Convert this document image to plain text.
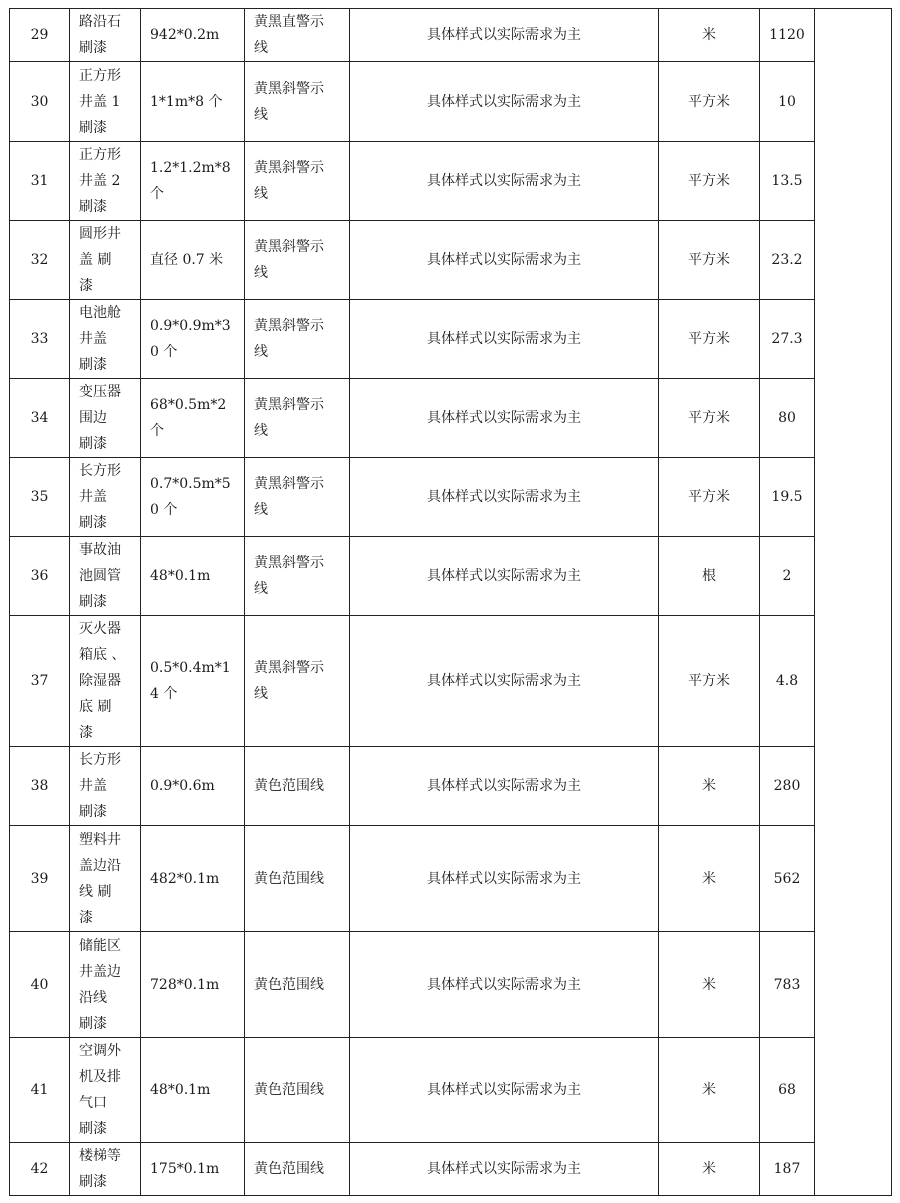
29	路沿石
刷漆	942*0.2m	黄黑直警示
线	具体样式以实际需求为主	米	1120	

30	正方形
井盖 1
刷漆	1*1m*8 个	黄黑斜警示
线	具体样式以实际需求为主	平方米	10	

31	正方形
井盖 2
刷漆	1.2*1.2m*8
个	黄黑斜警示
线	具体样式以实际需求为主	平方米	13.5	

32	圆形井
盖 刷
漆	直径 0.7 米	黄黑斜警示
线	具体样式以实际需求为主	平方米	23.2	

33	电池舱
井盖
刷漆	0.9*0.9m*3
0 个	黄黑斜警示
线	具体样式以实际需求为主	平方米	27.3	

34	变压器
围边
刷漆	68*0.5m*2
个	黄黑斜警示
线	具体样式以实际需求为主	平方米	80	

35	长方形
井盖
刷漆	0.7*0.5m*5
0 个	黄黑斜警示
线	具体样式以实际需求为主	平方米	19.5	

36	事故油
池圆管
刷漆	48*0.1m	黄黑斜警示
线	具体样式以实际需求为主	根	2	

37	灭火器
箱底 、
除湿器
底 刷
漆	0.5*0.4m*1
4 个	黄黑斜警示
线	具体样式以实际需求为主	平方米	4.8	

38	长方形
井盖
刷漆	0.9*0.6m	黄色范围线	具体样式以实际需求为主	米	280	

39	塑料井
盖边沿
线 刷
漆	482*0.1m	黄色范围线	具体样式以实际需求为主	米	562	

40	储能区
井盖边
沿线
刷漆	728*0.1m	黄色范围线	具体样式以实际需求为主	米	783	

41	空调外
机及排
气口
刷漆	48*0.1m	黄色范围线	具体样式以实际需求为主	米	68	

42	楼梯等
刷漆	175*0.1m	黄色范围线	具体样式以实际需求为主	米	187	
